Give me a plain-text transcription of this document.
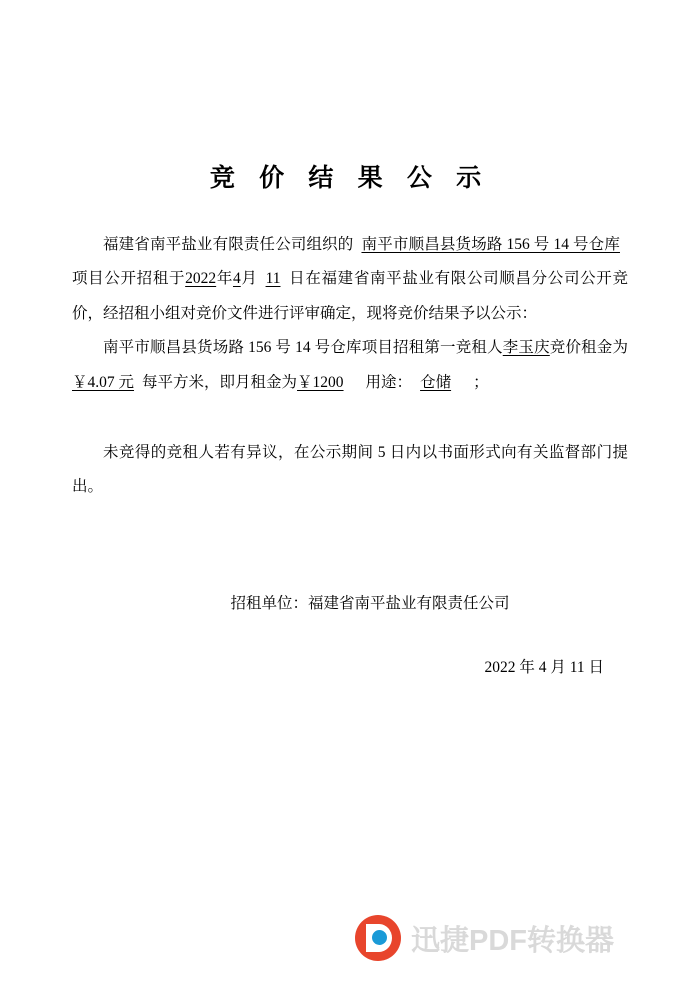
竞 价 结 果 公 示

福建省南平盐业有限责任公司组织的 南平市顺昌县货场路 156 号 14 号仓库项目公开招租于2022年4月 11 日在福建省南平盐业有限公司顺昌分公司公开竞价，经招租小组对竞价文件进行评审确定，现将竞价结果予以公示：

南平市顺昌县货场路 156 号 14 号仓库项目招租第一竞租人李玉庆竞价租金为￥4.07 元 每平方米，即月租金为￥1200 用途： 仓储 ；

未竞得的竞租人若有异议，在公示期间 5 日内以书面形式向有关监督部门提出。

招租单位：福建省南平盐业有限责任公司
2022 年 4 月 11 日
迅捷PDF转换器
